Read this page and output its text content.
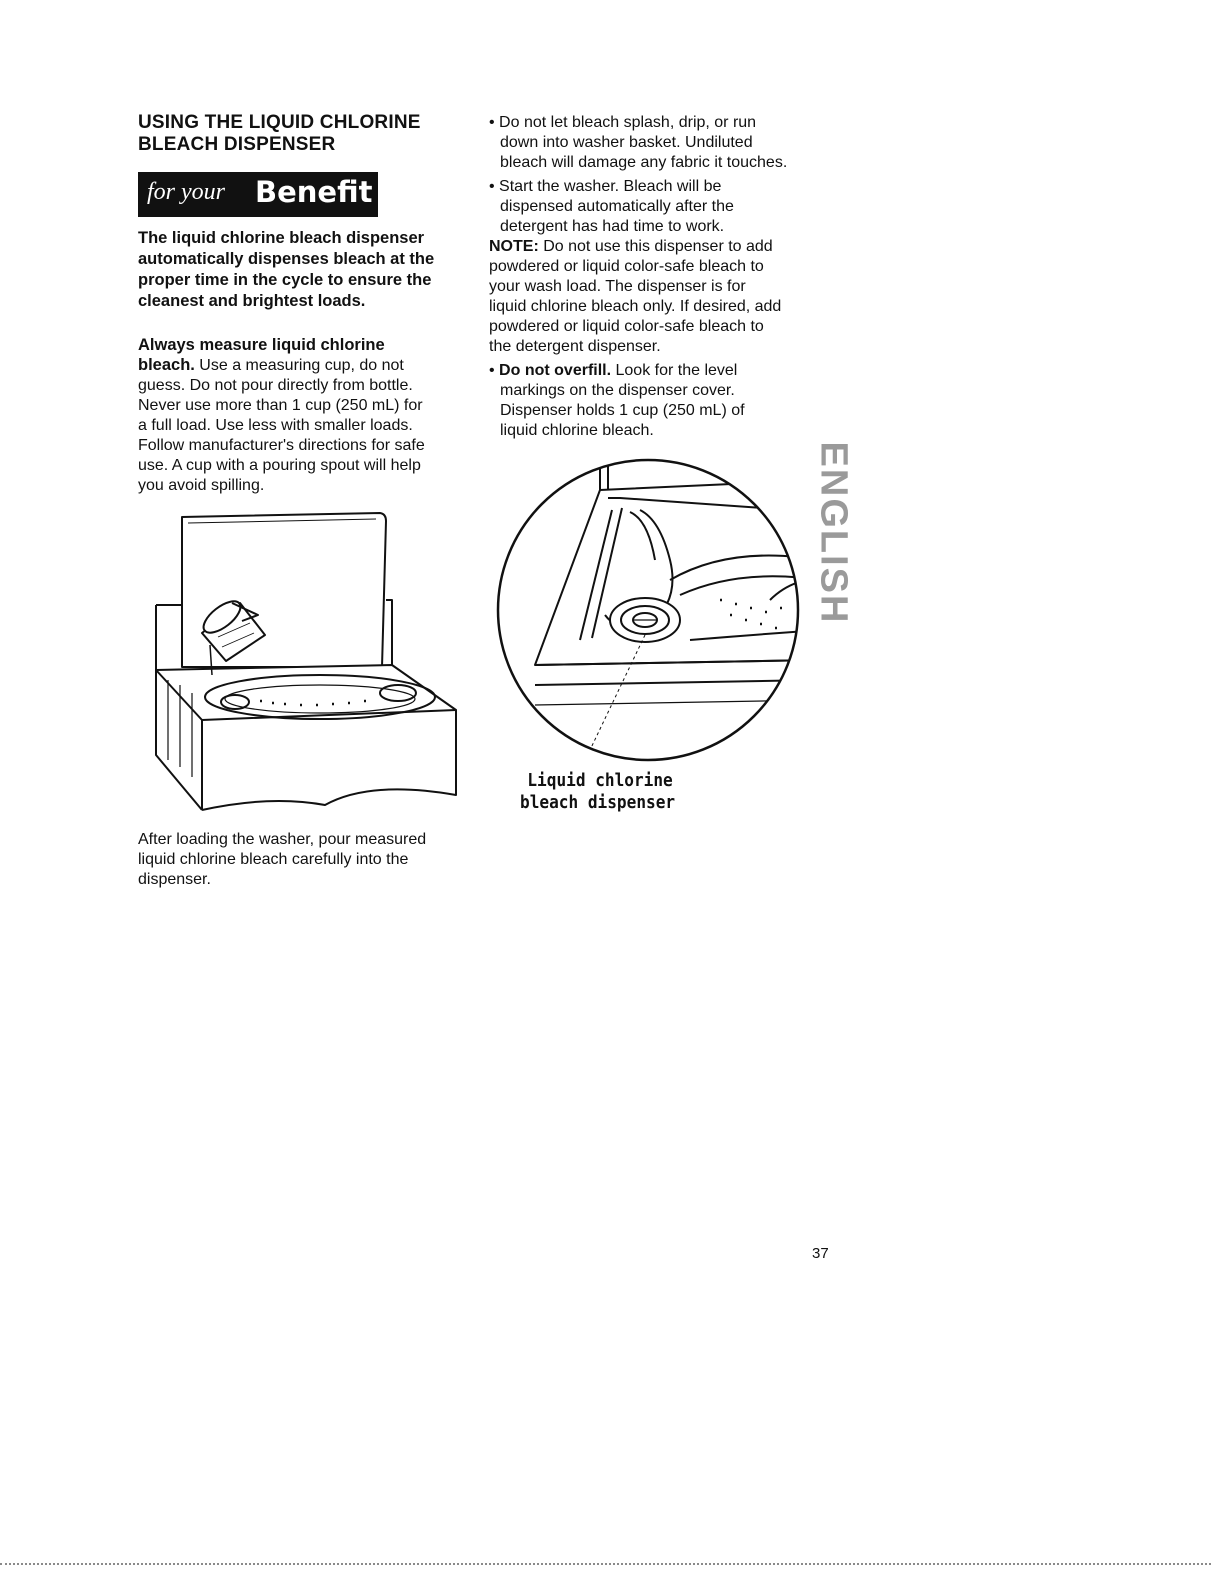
USING THE LIQUID CHLORINE
BLEACH DISPENSER
for your Benefit
The liquid chlorine bleach dispenser
automatically dispenses bleach at the
proper time in the cycle to ensure the
cleanest and brightest loads.
Always measure liquid chlorine
bleach. Use a measuring cup, do not
guess. Do not pour directly from bottle.
Never use more than 1 cup (250 mL) for
a full load. Use less with smaller loads.
Follow manufacturer's directions for safe
use. A cup with a pouring spout will help
you avoid spilling.
After loading the washer, pour measured
liquid chlorine bleach carefully into the
dispenser.
• Do not let bleach splash, drip, or run
down into washer basket. Undiluted
bleach will damage any fabric it touches.
• Start the washer. Bleach will be
dispensed automatically after the
detergent has had time to work.
NOTE: Do not use this dispenser to add
powdered or liquid color-safe bleach to
your wash load. The dispenser is for
liquid chlorine bleach only. If desired, add
powdered or liquid color-safe bleach to
the detergent dispenser.
• Do not overfill. Look for the level
markings on the dispenser cover.
Dispenser holds 1 cup (250 mL) of
liquid chlorine bleach.
Liquid chlorine
bleach dispenser
ENGLISH
37
